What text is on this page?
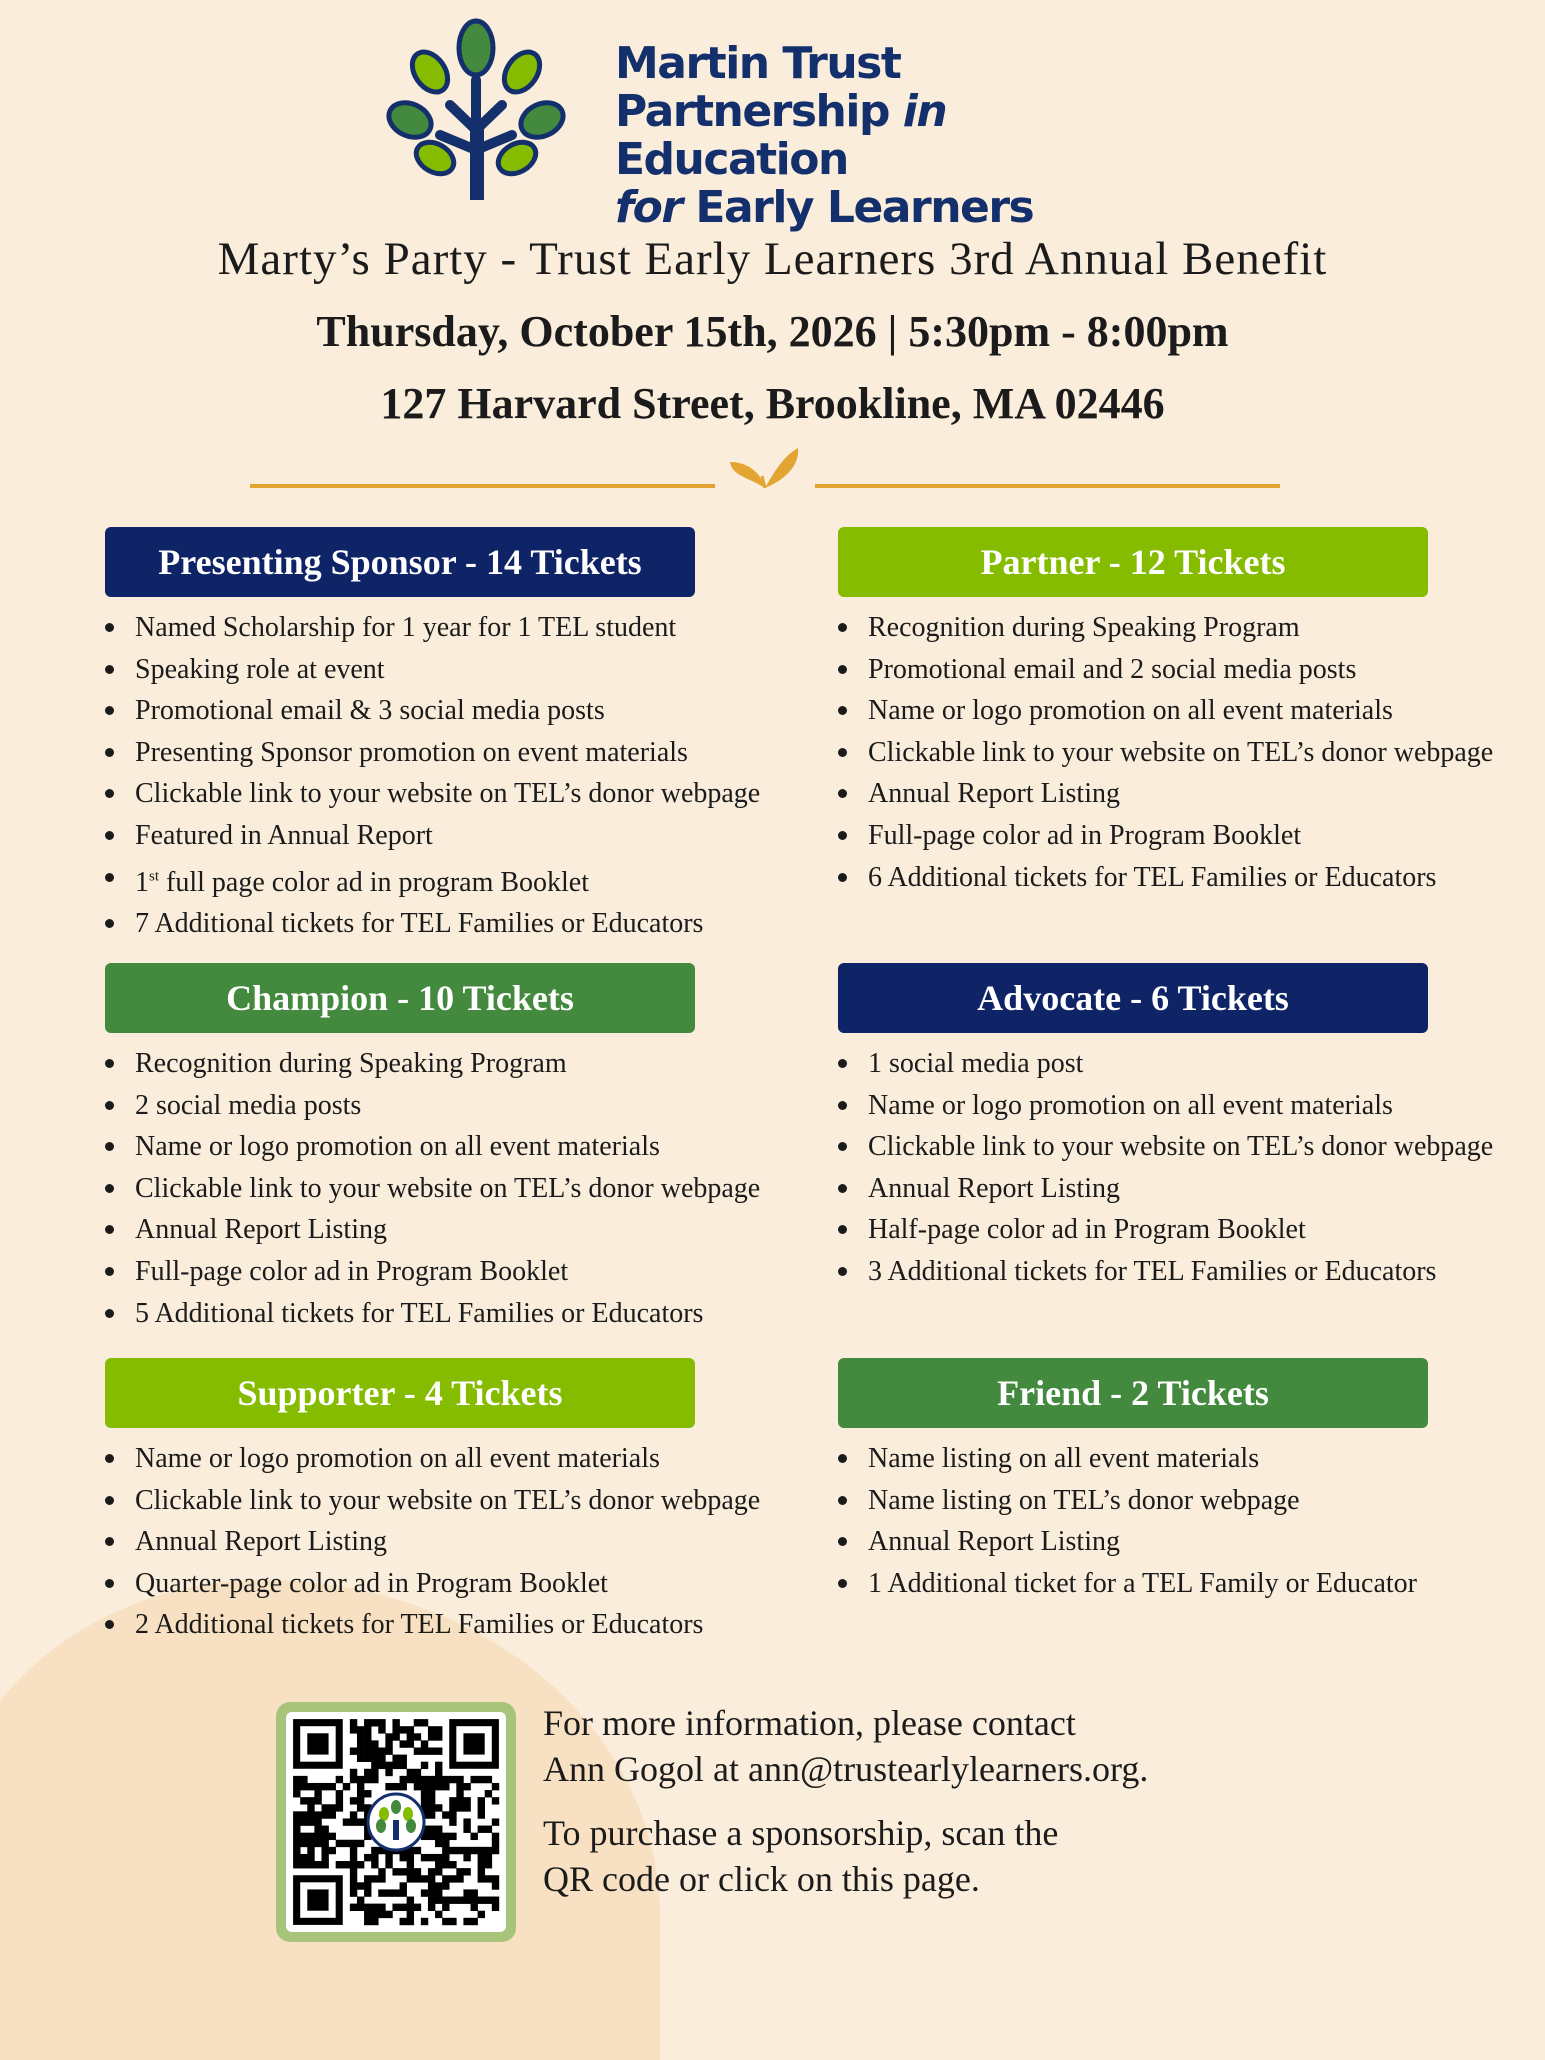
Martin Trust
Partnership in Education
for Early Learners
Marty’s Party - Trust Early Learners 3rd Annual Benefit
Thursday, October 15th, 2026 | 5:30pm - 8:00pm
127 Harvard Street, Brookline, MA 02446
Presenting Sponsor - 14 Tickets
Named Scholarship for 1 year for 1 TEL student
Speaking role at event
Promotional email & 3 social media posts
Presenting Sponsor promotion on event materials
Clickable link to your website on TEL’s donor webpage
Featured in Annual Report
1st full page color ad in program Booklet
7 Additional tickets for TEL Families or Educators
Partner - 12 Tickets
Recognition during Speaking Program
Promotional email and 2 social media posts
Name or logo promotion on all event materials
Clickable link to your website on TEL’s donor webpage
Annual Report Listing
Full-page color ad in Program Booklet
6 Additional tickets for TEL Families or Educators
Champion - 10 Tickets
Recognition during Speaking Program
2 social media posts
Name or logo promotion on all event materials
Clickable link to your website on TEL’s donor webpage
Annual Report Listing
Full-page color ad in Program Booklet
5 Additional tickets for TEL Families or Educators
Advocate - 6 Tickets
1 social media post
Name or logo promotion on all event materials
Clickable link to your website on TEL’s donor webpage
Annual Report Listing
Half-page color ad in Program Booklet
3 Additional tickets for TEL Families or Educators
Supporter - 4 Tickets
Name or logo promotion on all event materials
Clickable link to your website on TEL’s donor webpage
Annual Report Listing
Quarter-page color ad in Program Booklet
2 Additional tickets for TEL Families or Educators
Friend - 2 Tickets
Name listing on all event materials
Name listing on TEL’s donor webpage
Annual Report Listing
1 Additional ticket for a TEL Family or Educator

For more information, please contact
Ann Gogol at ann@trustearlylearners.org.

To purchase a sponsorship, scan the
QR code or click on this page.
